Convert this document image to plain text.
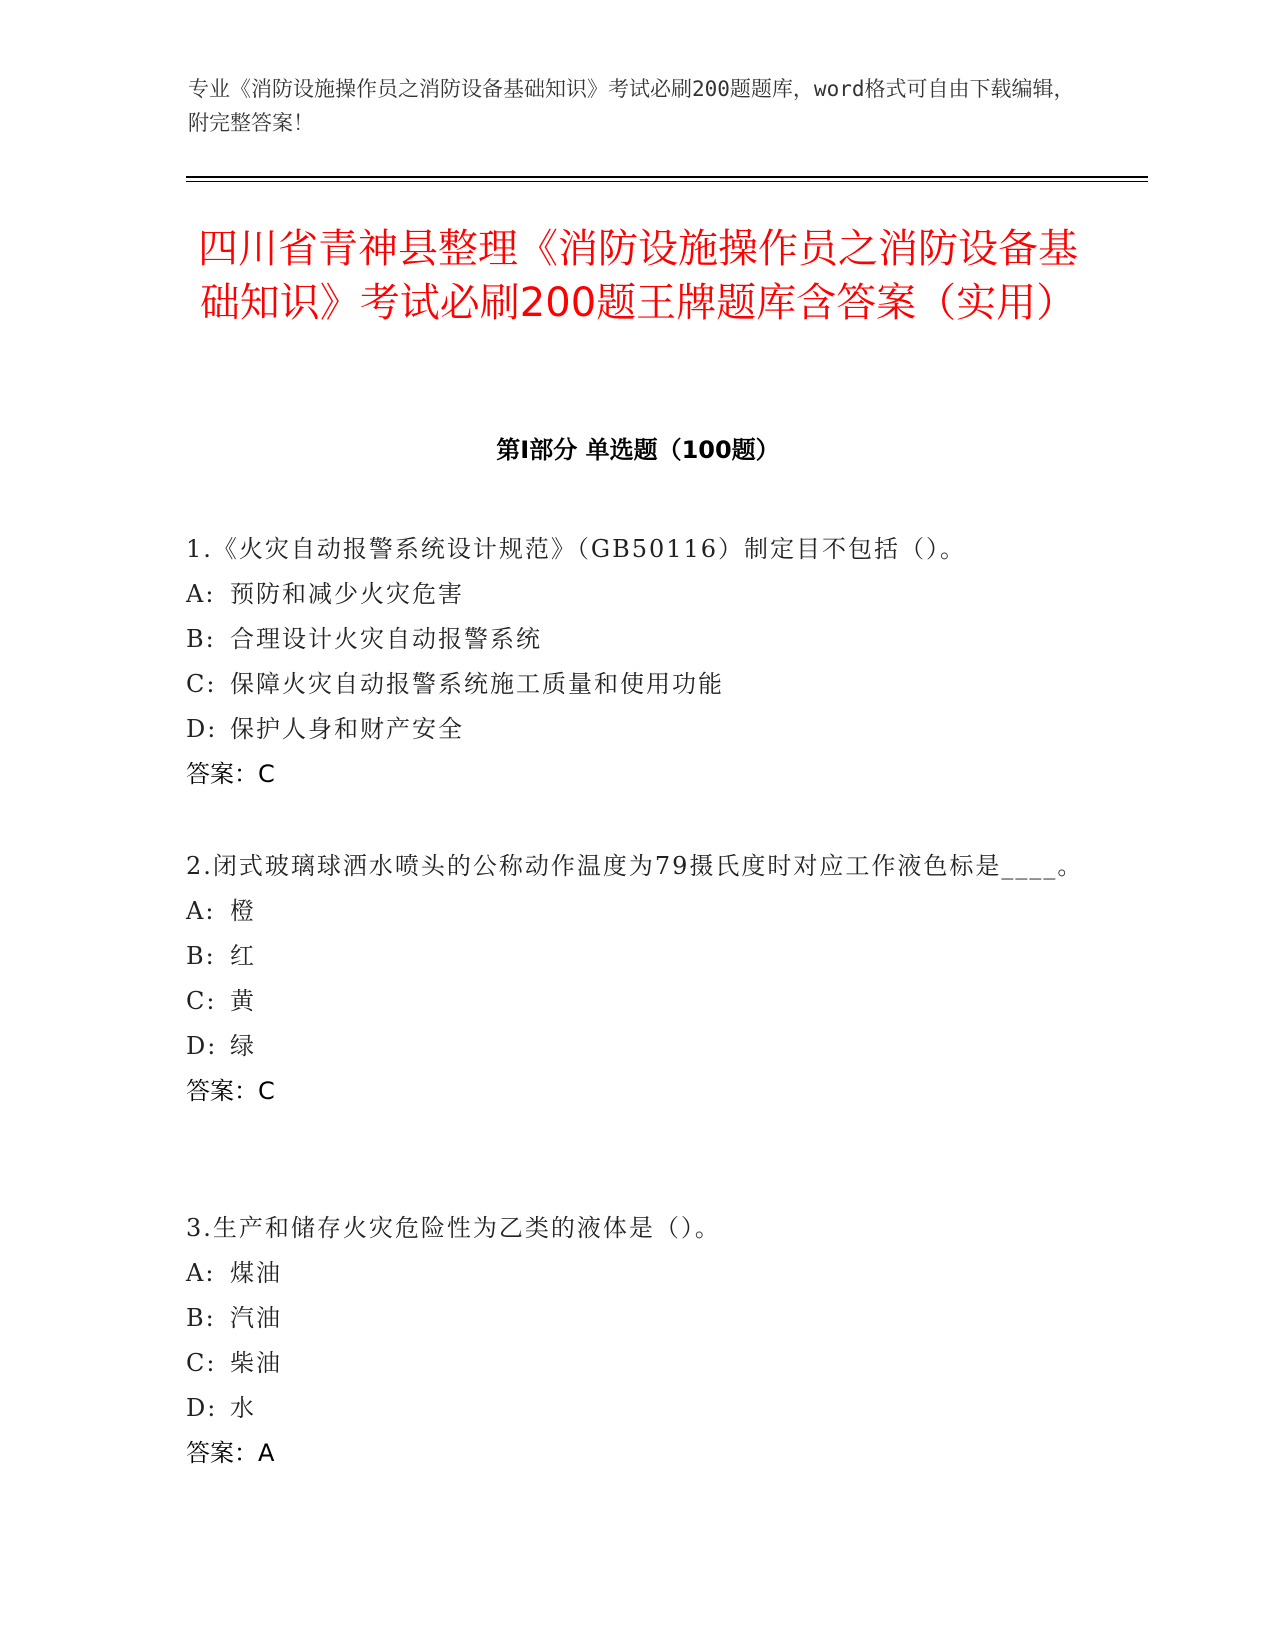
专业《消防设施操作员之消防设备基础知识》考试必刷200题题库，word格式可自由下载编辑，附完整答案！
四川省青神县整理《消防设施操作员之消防设备基础知识》考试必刷200题王牌题库含答案（实用）
第I部分 单选题（100题）
1.《火灾自动报警系统设计规范》（GB50116）制定目不包括（）。
A: 预防和减少火灾危害
B: 合理设计火灾自动报警系统
C: 保障火灾自动报警系统施工质量和使用功能
D: 保护人身和财产安全
答案：C
2.闭式玻璃球洒水喷头的公称动作温度为79摄氏度时对应工作液色标是____。
A: 橙
B: 红
C: 黄
D: 绿
答案：C
3.生产和储存火灾危险性为乙类的液体是（）。
A: 煤油
B: 汽油
C: 柴油
D: 水
答案：A
